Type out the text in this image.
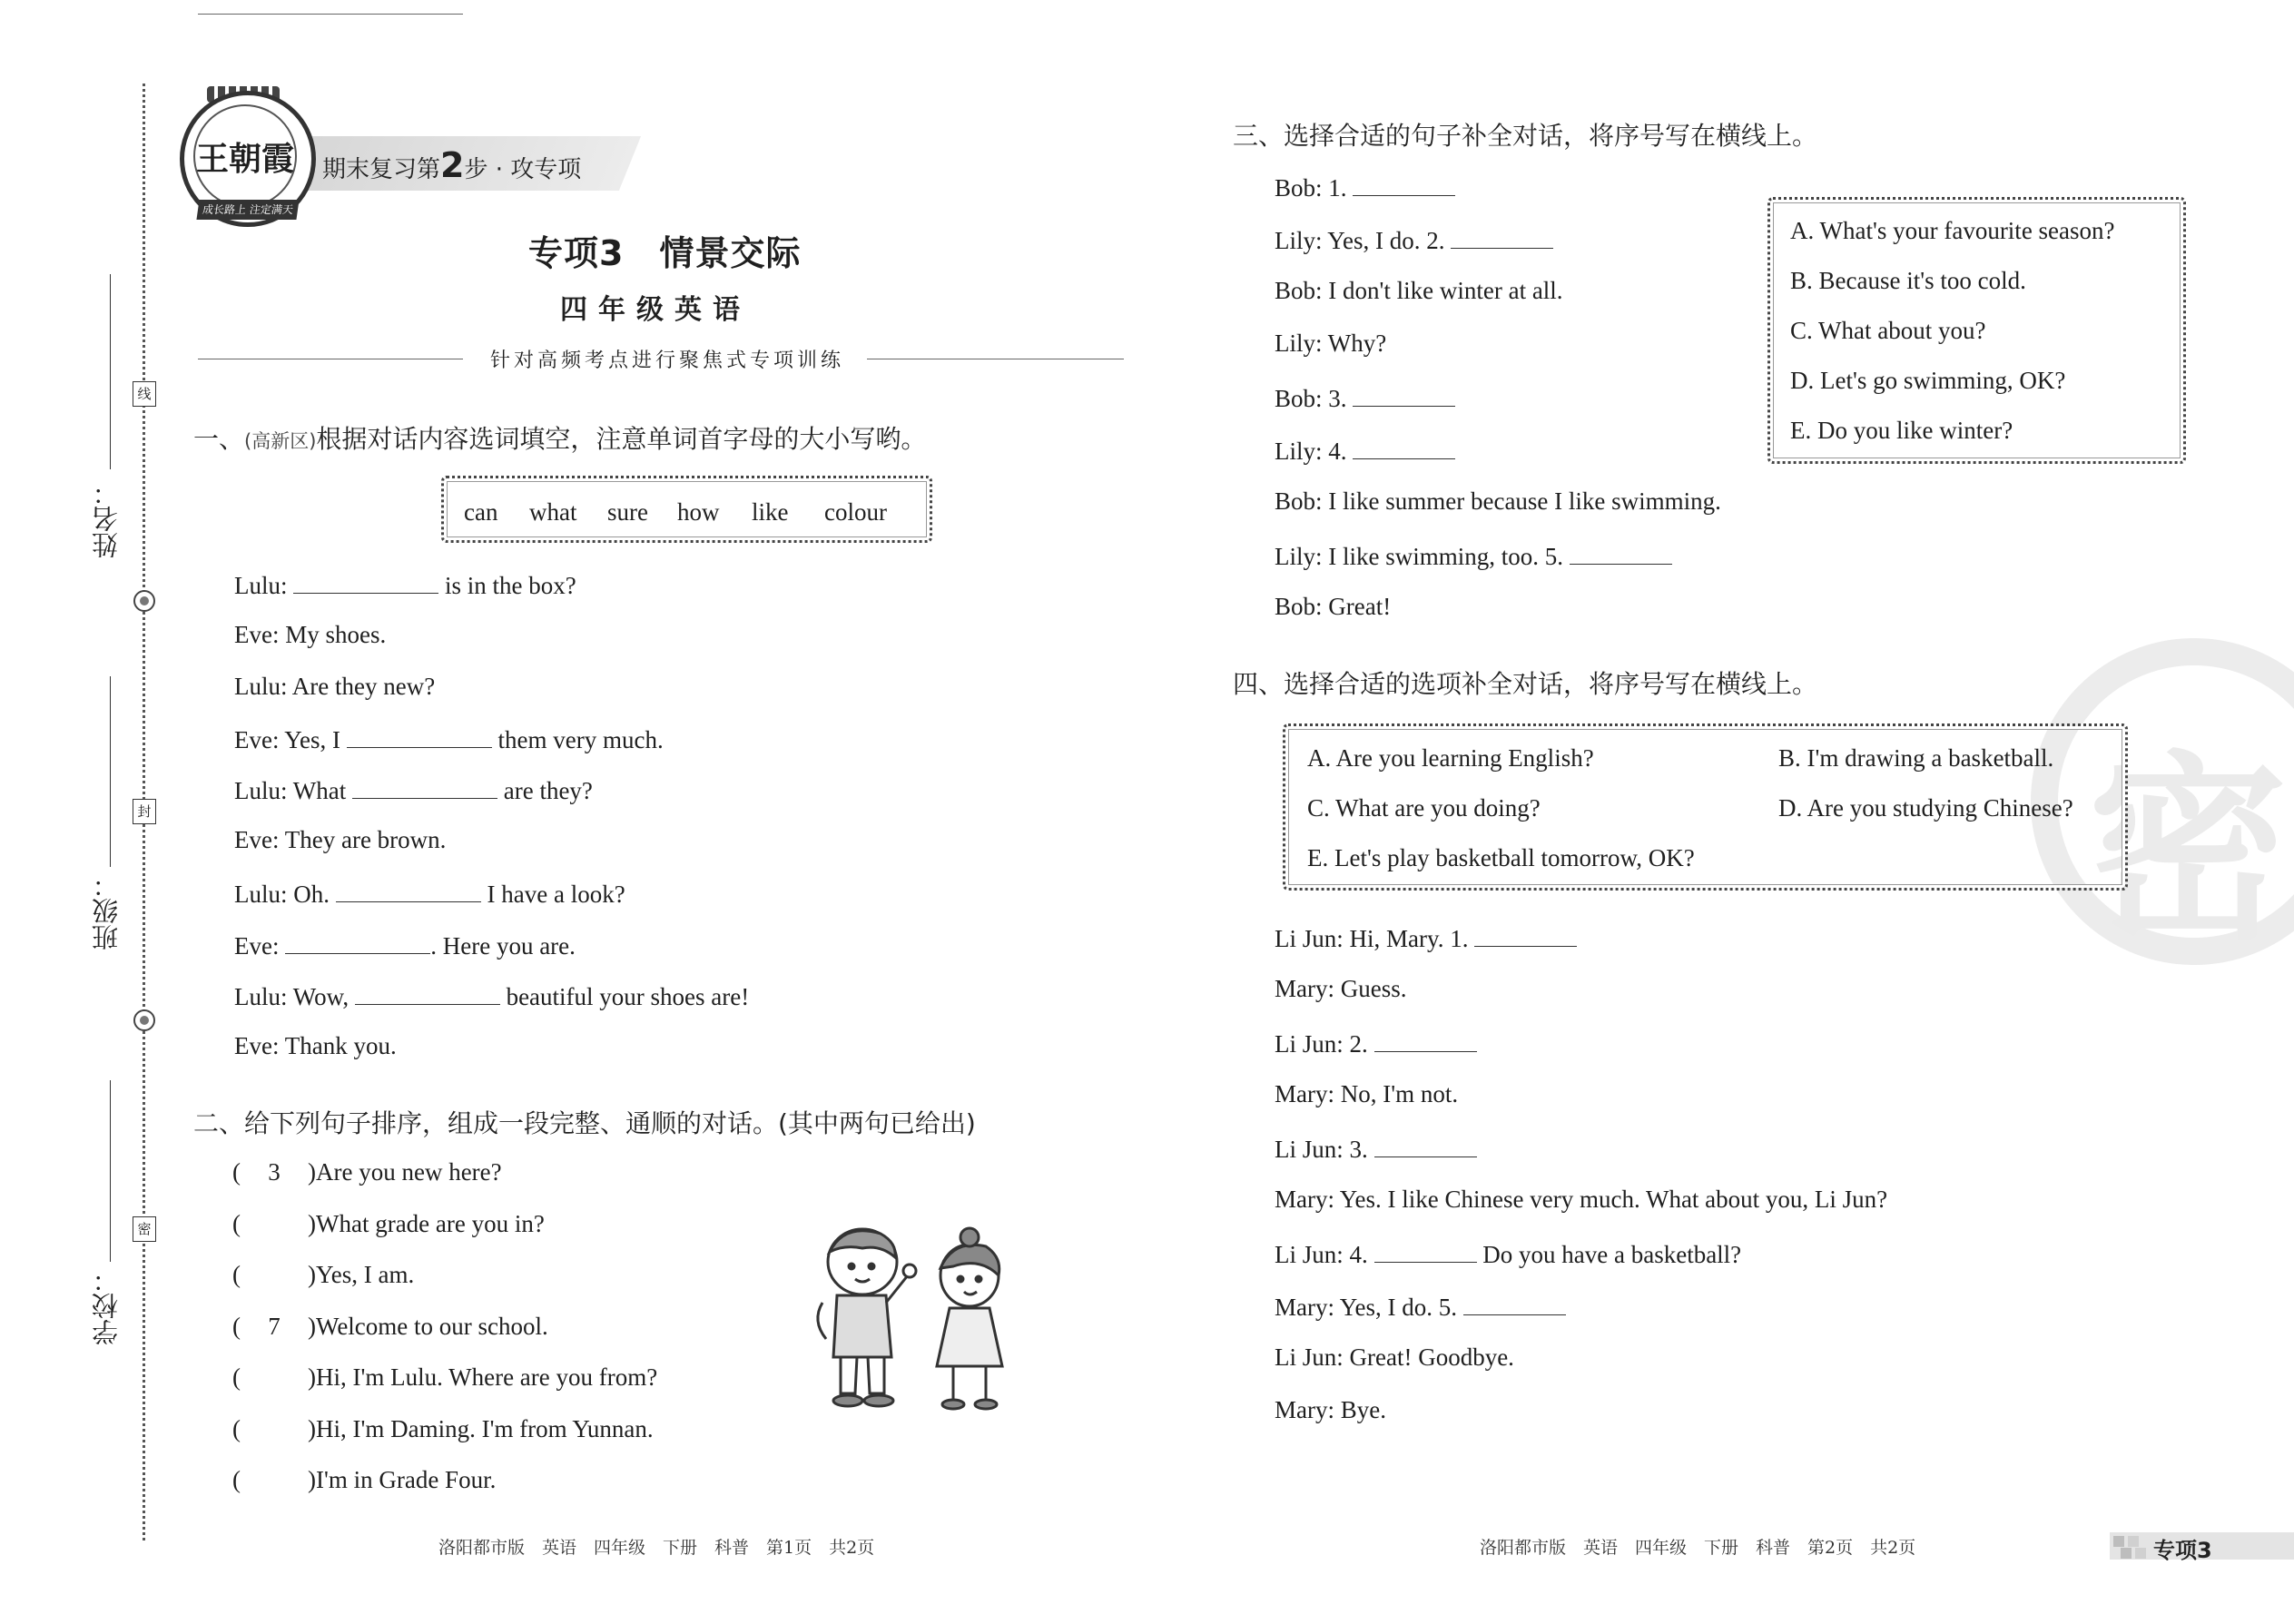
姓名：
班级：
学校：
线
封
密
期末复习第2步 · 攻专项
王朝霞
成长路上 注定满天
专项3　情景交际
四年级英语
针对高频考点进行聚焦式专项训练
一、(高新区)根据对话内容选词填空，注意单词首字母的大小写哟。
can what sure how like colour
Lulu:	is in the box?
Eve: My shoes.
Lulu: Are they new?
Eve: Yes, I	them very much.
Lulu: What	are they?
Eve: They are brown.
Lulu: Oh.	I have a look?
Eve:	. Here you are.
Lulu: Wow,	beautiful your shoes are!
Eve: Thank you.
二、给下列句子排序，组成一段完整、通顺的对话。(其中两句已给出)
( 3 )Are you new here?
(	)What grade are you in?
(	)Yes, I am.
( 7 )Welcome to our school.
(	)Hi, I'm Lulu. Where are you from?
(	)Hi, I'm Daming. I'm from Yunnan.
(	)I'm in Grade Four.
三、选择合适的句子补全对话，将序号写在横线上。
Bob: 1.
Lily: Yes, I do. 2.
Bob: I don't like winter at all.
Lily: Why?
Bob: 3.
Lily: 4.
Bob: I like summer because I like swimming.
Lily: I like swimming, too. 5.
Bob: Great!
A. What's your favourite season?
B. Because it's too cold.
C. What about you?
D. Let's go swimming, OK?
E. Do you like winter?
密
四、选择合适的选项补全对话，将序号写在横线上。
A. Are you learning English?	B. I'm drawing a basketball.
C. What are you doing?	D. Are you studying Chinese?
E. Let's play basketball tomorrow, OK?
Li Jun: Hi, Mary. 1.
Mary: Guess.
Li Jun: 2.
Mary: No, I'm not.
Li Jun: 3.
Mary: Yes. I like Chinese very much. What about you, Li Jun?
Li Jun: 4.	Do you have a basketball?
Mary: Yes, I do. 5.
Li Jun: Great! Goodbye.
Mary: Bye.
洛阳都市版　英语　四年级　下册　科普　第1页　共2页	洛阳都市版　英语　四年级　下册　科普　第2页　共2页	专项3
